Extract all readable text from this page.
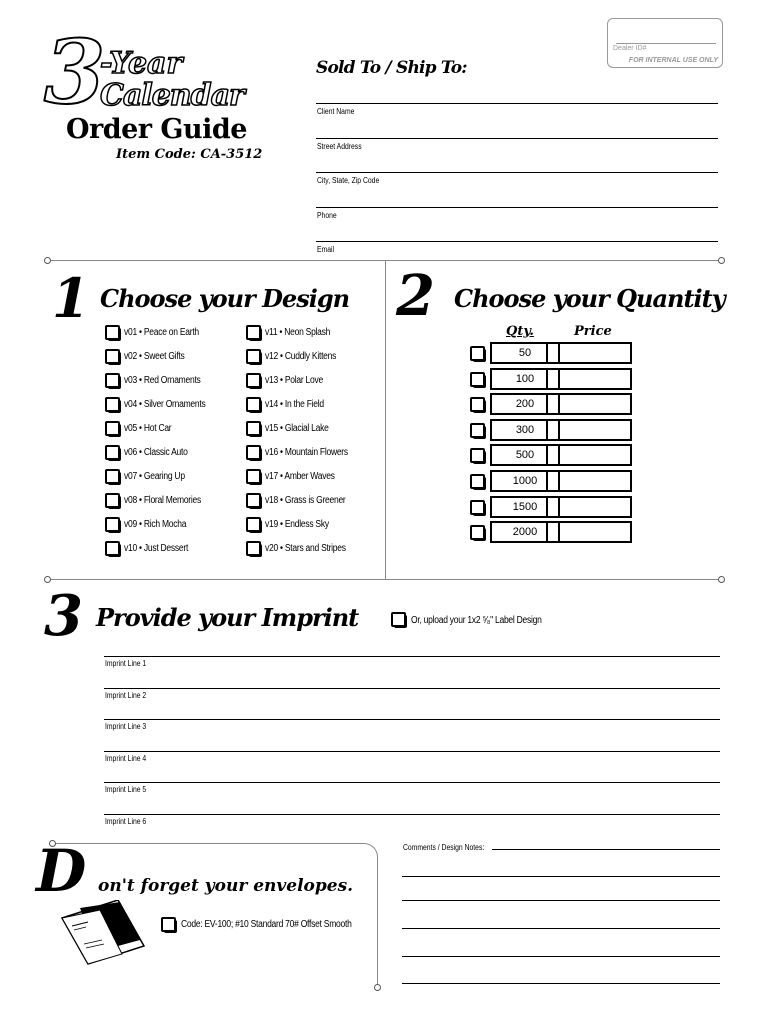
3
-Year
Calendar
Order Guide
Item Code: CA-3512
Dealer ID#
FOR INTERNAL USE ONLY
Sold To / Ship To:
Client Name
Street Address
City, State, Zip Code
Phone
Email
1 Choose your Design
v01 • Peace on Earth
v02 • Sweet Gifts
v03 • Red Ornaments
v04 • Silver Ornaments
v05 • Hot Car
v06 • Classic Auto
v07 • Gearing Up
v08 • Floral Memories
v09 • Rich Mocha
v10 • Just Dessert
v11 • Neon Splash
v12 • Cuddly Kittens
v13 • Polar Love
v14 • In the Field
v15 • Glacial Lake
v16 • Mountain Flowers
v17 • Amber Waves
v18 • Grass is Greener
v19 • Endless Sky
v20 • Stars and Stripes
2 Choose your Quantity
Qty.	Price
50
100
200
300
500
1000
1500
2000
3 Provide your Imprint	Or, upload your 1x2 ⁵⁄₈" Label Design
Imprint Line 1
Imprint Line 2
Imprint Line 3
Imprint Line 4
Imprint Line 5
Imprint Line 6
D on't forget your envelopes.
Code: EV-100; #10 Standard 70# Offset Smooth
Comments / Design Notes:
